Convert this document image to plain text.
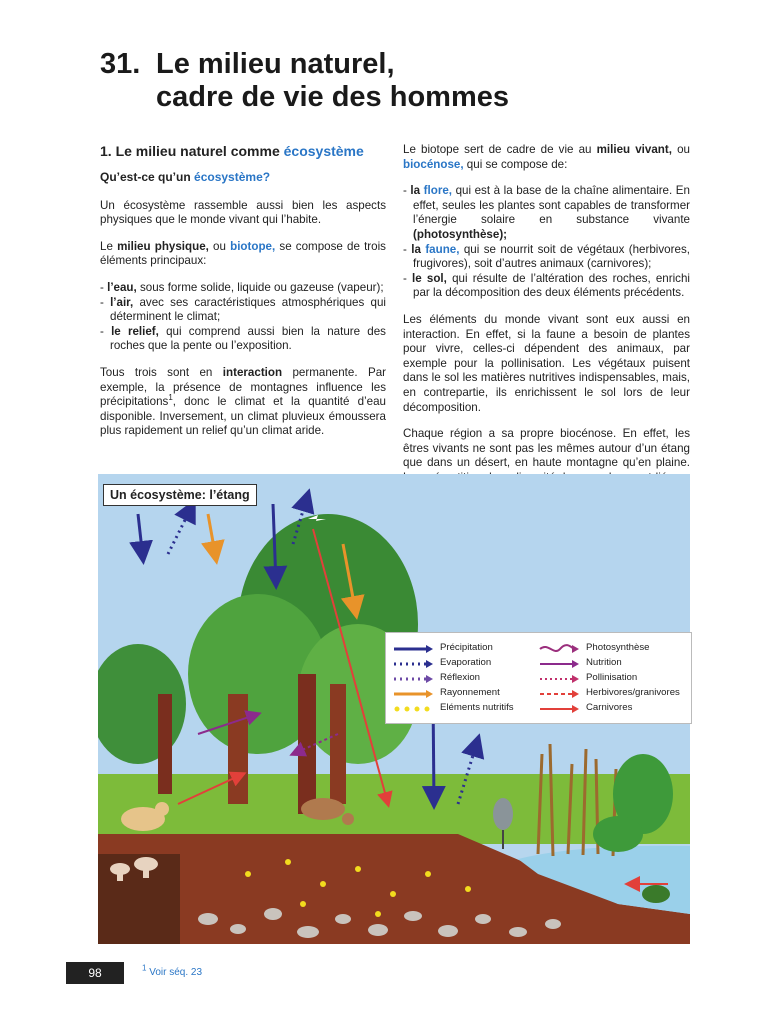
31. Le milieu naturel,
cadre de vie des hommes
1. Le milieu naturel comme écosystème
Qu’est-ce qu’un écosystème?

Un écosystème rassemble aussi bien les aspects physiques que le monde vivant qui l’habite.

Le milieu physique, ou biotope, se compose de trois éléments principaux:

- l’eau, sous forme solide, liquide ou gazeuse (vapeur);
- l’air, avec ses caractéristiques atmosphériques qui déterminent le climat;
- le relief, qui comprend aussi bien la nature des roches que la pente ou l’exposition.

Tous trois sont en interaction permanente. Par exemple, la présence de montagnes influence les précipitations$^1$, donc le climat et la quantité d’eau disponible. Inversement, un climat pluvieux émoussera plus rapidement un relief qu’un climat aride.

Le biotope sert de cadre de vie au milieu vivant, ou biocénose, qui se compose de:

- la flore, qui est à la base de la chaîne alimentaire. En effet, seules les plantes sont capables de transformer l’énergie solaire en substance vivante (photosynthèse);
- la faune, qui se nourrit soit de végétaux (herbivores, frugivores), soit d’autres animaux (carnivores);
- le sol, qui résulte de l’altération des roches, enrichi par la décomposition des deux éléments précédents.

Les éléments du monde vivant sont eux aussi en interaction. En effet, si la faune a besoin de plantes pour vivre, celles-ci dépendent des animaux, par exemple pour la pollinisation. Les végétaux puisent dans le sol les matières nutritives indispensables, mais, en contrepartie, ils enrichissent le sol lors de leur décomposition.

Chaque région a sa propre biocénose. En effet, les êtres vivants ne sont pas les mêmes autour d’un étang que dans un désert, en haute montagne qu’en plaine.

Un écosystème: l’étang
Précipitation
Evaporation
Réflexion
Rayonnement
Eléments nutritifs
Photosynthèse
Nutrition
Pollinisation
Herbivores/granivores
Carnivores
98	$^1$ Voir séq. 23
